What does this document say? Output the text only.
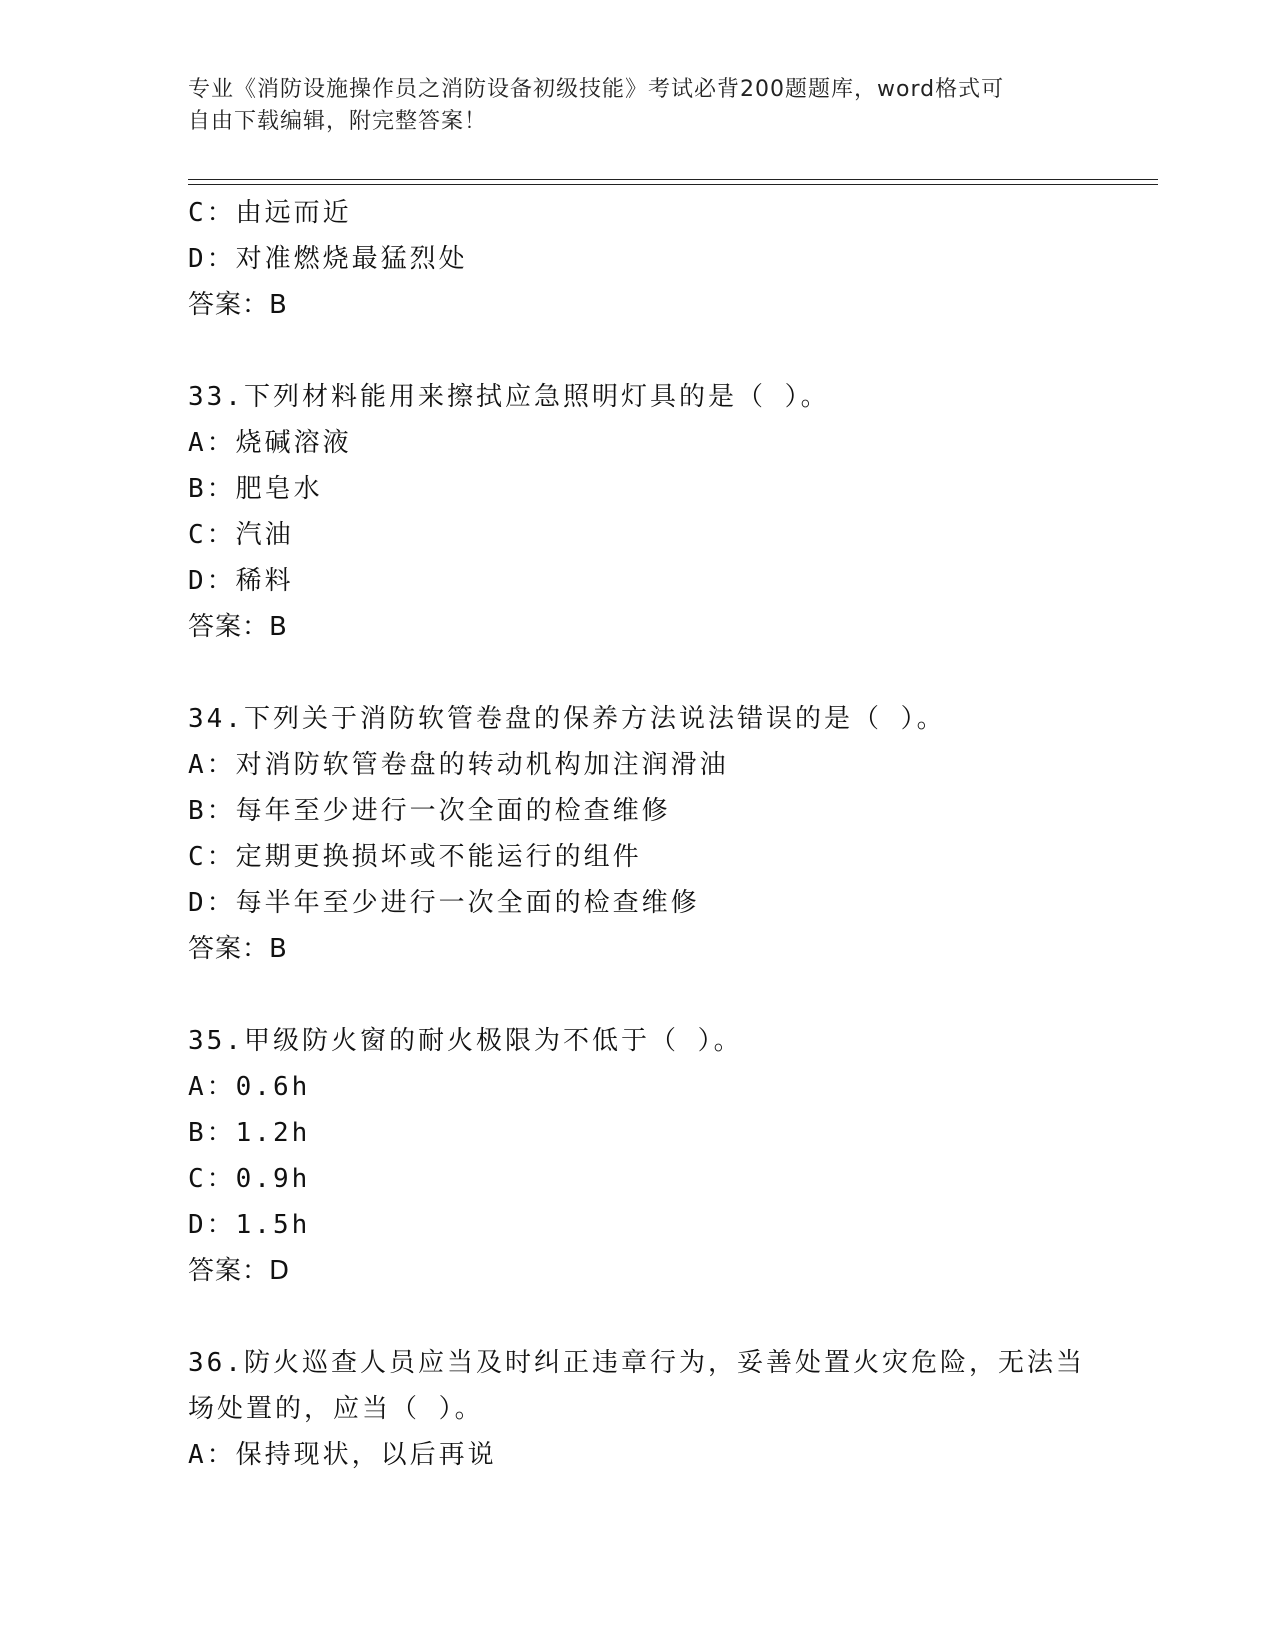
专业《消防设施操作员之消防设备初级技能》考试必背200题题库，word格式可
自由下载编辑，附完整答案！
C：由远而近
D：对准燃烧最猛烈处
答案：B
33.下列材料能用来擦拭应急照明灯具的是（ ）。
A：烧碱溶液
B：肥皂水
C：汽油
D：稀料
答案：B
34.下列关于消防软管卷盘的保养方法说法错误的是（ ）。
A：对消防软管卷盘的转动机构加注润滑油
B：每年至少进行一次全面的检查维修
C：定期更换损坏或不能运行的组件
D：每半年至少进行一次全面的检查维修
答案：B
35.甲级防火窗的耐火极限为不低于（ ）。
A：0.6h
B：1.2h
C：0.9h
D：1.5h
答案：D
36.防火巡查人员应当及时纠正违章行为，妥善处置火灾危险，无法当
场处置的，应当（ ）。
A：保持现状，以后再说
